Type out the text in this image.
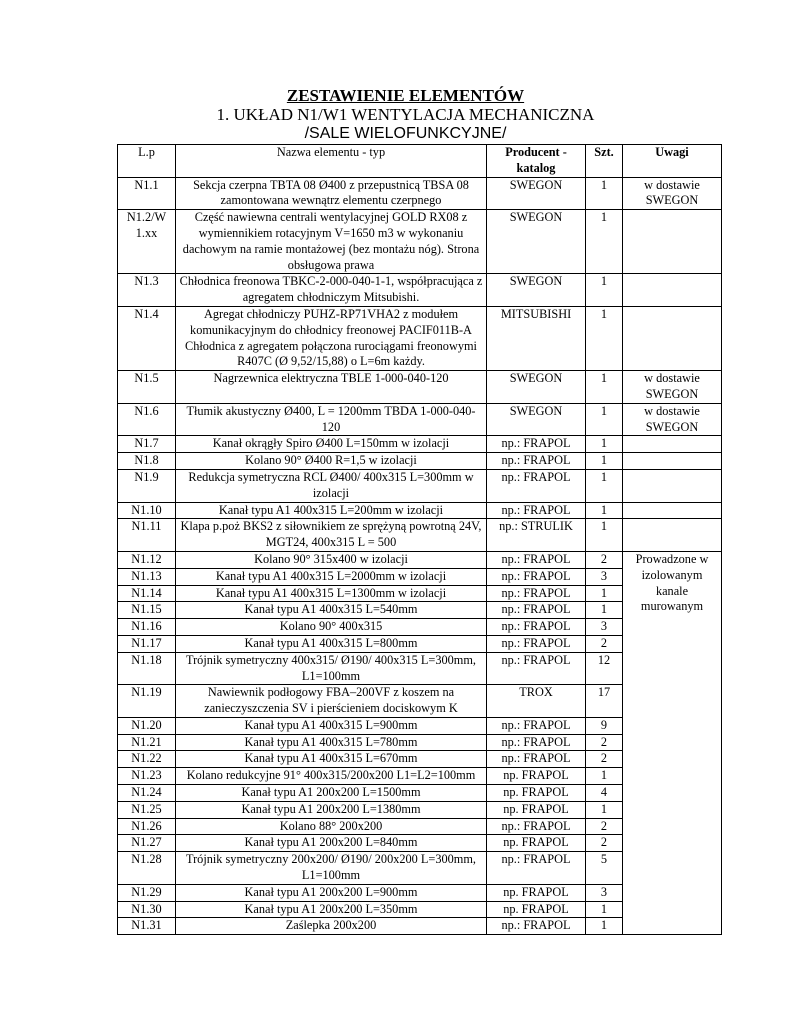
ZESTAWIENIE ELEMENTÓW
1. UKŁAD N1/W1 WENTYLACJA MECHANICZNA
/SALE WIELOFUNKCYJNE/
L.p	Nazwa elementu - typ	Producent - katalog	Szt.	Uwagi
N1.1	Sekcja czerpna TBTA 08 Ø400 z przepustnicą TBSA 08 zamontowana wewnątrz elementu czerpnego	SWEGON	1	w dostawie SWEGON
N1.2/W 1.xx	Część nawiewna centrali wentylacyjnej GOLD RX08 z wymiennikiem rotacyjnym V=1650 m3 w wykonaniu dachowym na ramie montażowej (bez montażu nóg). Strona obsługowa prawa	SWEGON	1	
N1.3	Chłodnica freonowa TBKC-2-000-040-1-1, współpracująca z agregatem chłodniczym Mitsubishi.	SWEGON	1	
N1.4	Agregat chłodniczy PUHZ-RP71VHA2 z modułem komunikacyjnym do chłodnicy freonowej PACIF011B-A Chłodnica z agregatem połączona rurociągami freonowymi R407C (Ø 9,52/15,88) o L=6m każdy.	MITSUBISHI	1	
N1.5	Nagrzewnica elektryczna TBLE 1-000-040-120	SWEGON	1	w dostawie SWEGON
N1.6	Tłumik akustyczny Ø400, L = 1200mm TBDA 1-000-040-120	SWEGON	1	w dostawie SWEGON
N1.7	Kanał okrągły Spiro Ø400 L=150mm w izolacji	np.: FRAPOL	1	
N1.8	Kolano 90° Ø400 R=1,5 w izolacji	np.: FRAPOL	1	
N1.9	Redukcja symetryczna RCL Ø400/ 400x315 L=300mm w izolacji	np.: FRAPOL	1	
N1.10	Kanał typu A1 400x315 L=200mm w izolacji	np.: FRAPOL	1	
N1.11	Klapa p.poż BKS2 z siłownikiem ze sprężyną powrotną 24V, MGT24, 400x315 L = 500	np.: STRULIK	1	
N1.12	Kolano 90° 315x400 w izolacji	np.: FRAPOL	2	Prowadzone w izolowanym kanale murowanym

N1.13	Kanał typu A1 400x315 L=2000mm w izolacji	np.: FRAPOL	3	
N1.14	Kanał typu A1 400x315 L=1300mm w izolacji	np.: FRAPOL	1	
N1.15	Kanał typu A1 400x315 L=540mm	np.: FRAPOL	1	
N1.16	Kolano 90° 400x315	np.: FRAPOL	3	
N1.17	Kanał typu A1 400x315 L=800mm	np.: FRAPOL	2	
N1.18	Trójnik symetryczny 400x315/ Ø190/ 400x315 L=300mm, L1=100mm	np.: FRAPOL	12	
N1.19	Nawiewnik podłogowy FBA–200VF z koszem na zanieczyszczenia SV i pierścieniem dociskowym K	TROX	17	
N1.20	Kanał typu A1 400x315 L=900mm	np.: FRAPOL	9	
N1.21	Kanał typu A1 400x315 L=780mm	np.: FRAPOL	2	
N1.22	Kanał typu A1 400x315 L=670mm	np.: FRAPOL	2	
N1.23	Kolano redukcyjne 91° 400x315/200x200 L1=L2=100mm	np. FRAPOL	1	
N1.24	Kanał typu A1 200x200 L=1500mm	np. FRAPOL	4	
N1.25	Kanał typu A1 200x200 L=1380mm	np. FRAPOL	1	
N1.26	Kolano 88° 200x200	np.: FRAPOL	2	
N1.27	Kanał typu A1 200x200 L=840mm	np. FRAPOL	2	
N1.28	Trójnik symetryczny 200x200/ Ø190/ 200x200 L=300mm, L1=100mm	np.: FRAPOL	5	
N1.29	Kanał typu A1 200x200 L=900mm	np. FRAPOL	3	
N1.30	Kanał typu A1 200x200 L=350mm	np. FRAPOL	1	
N1.31	Zaślepka 200x200	np.: FRAPOL	1	
